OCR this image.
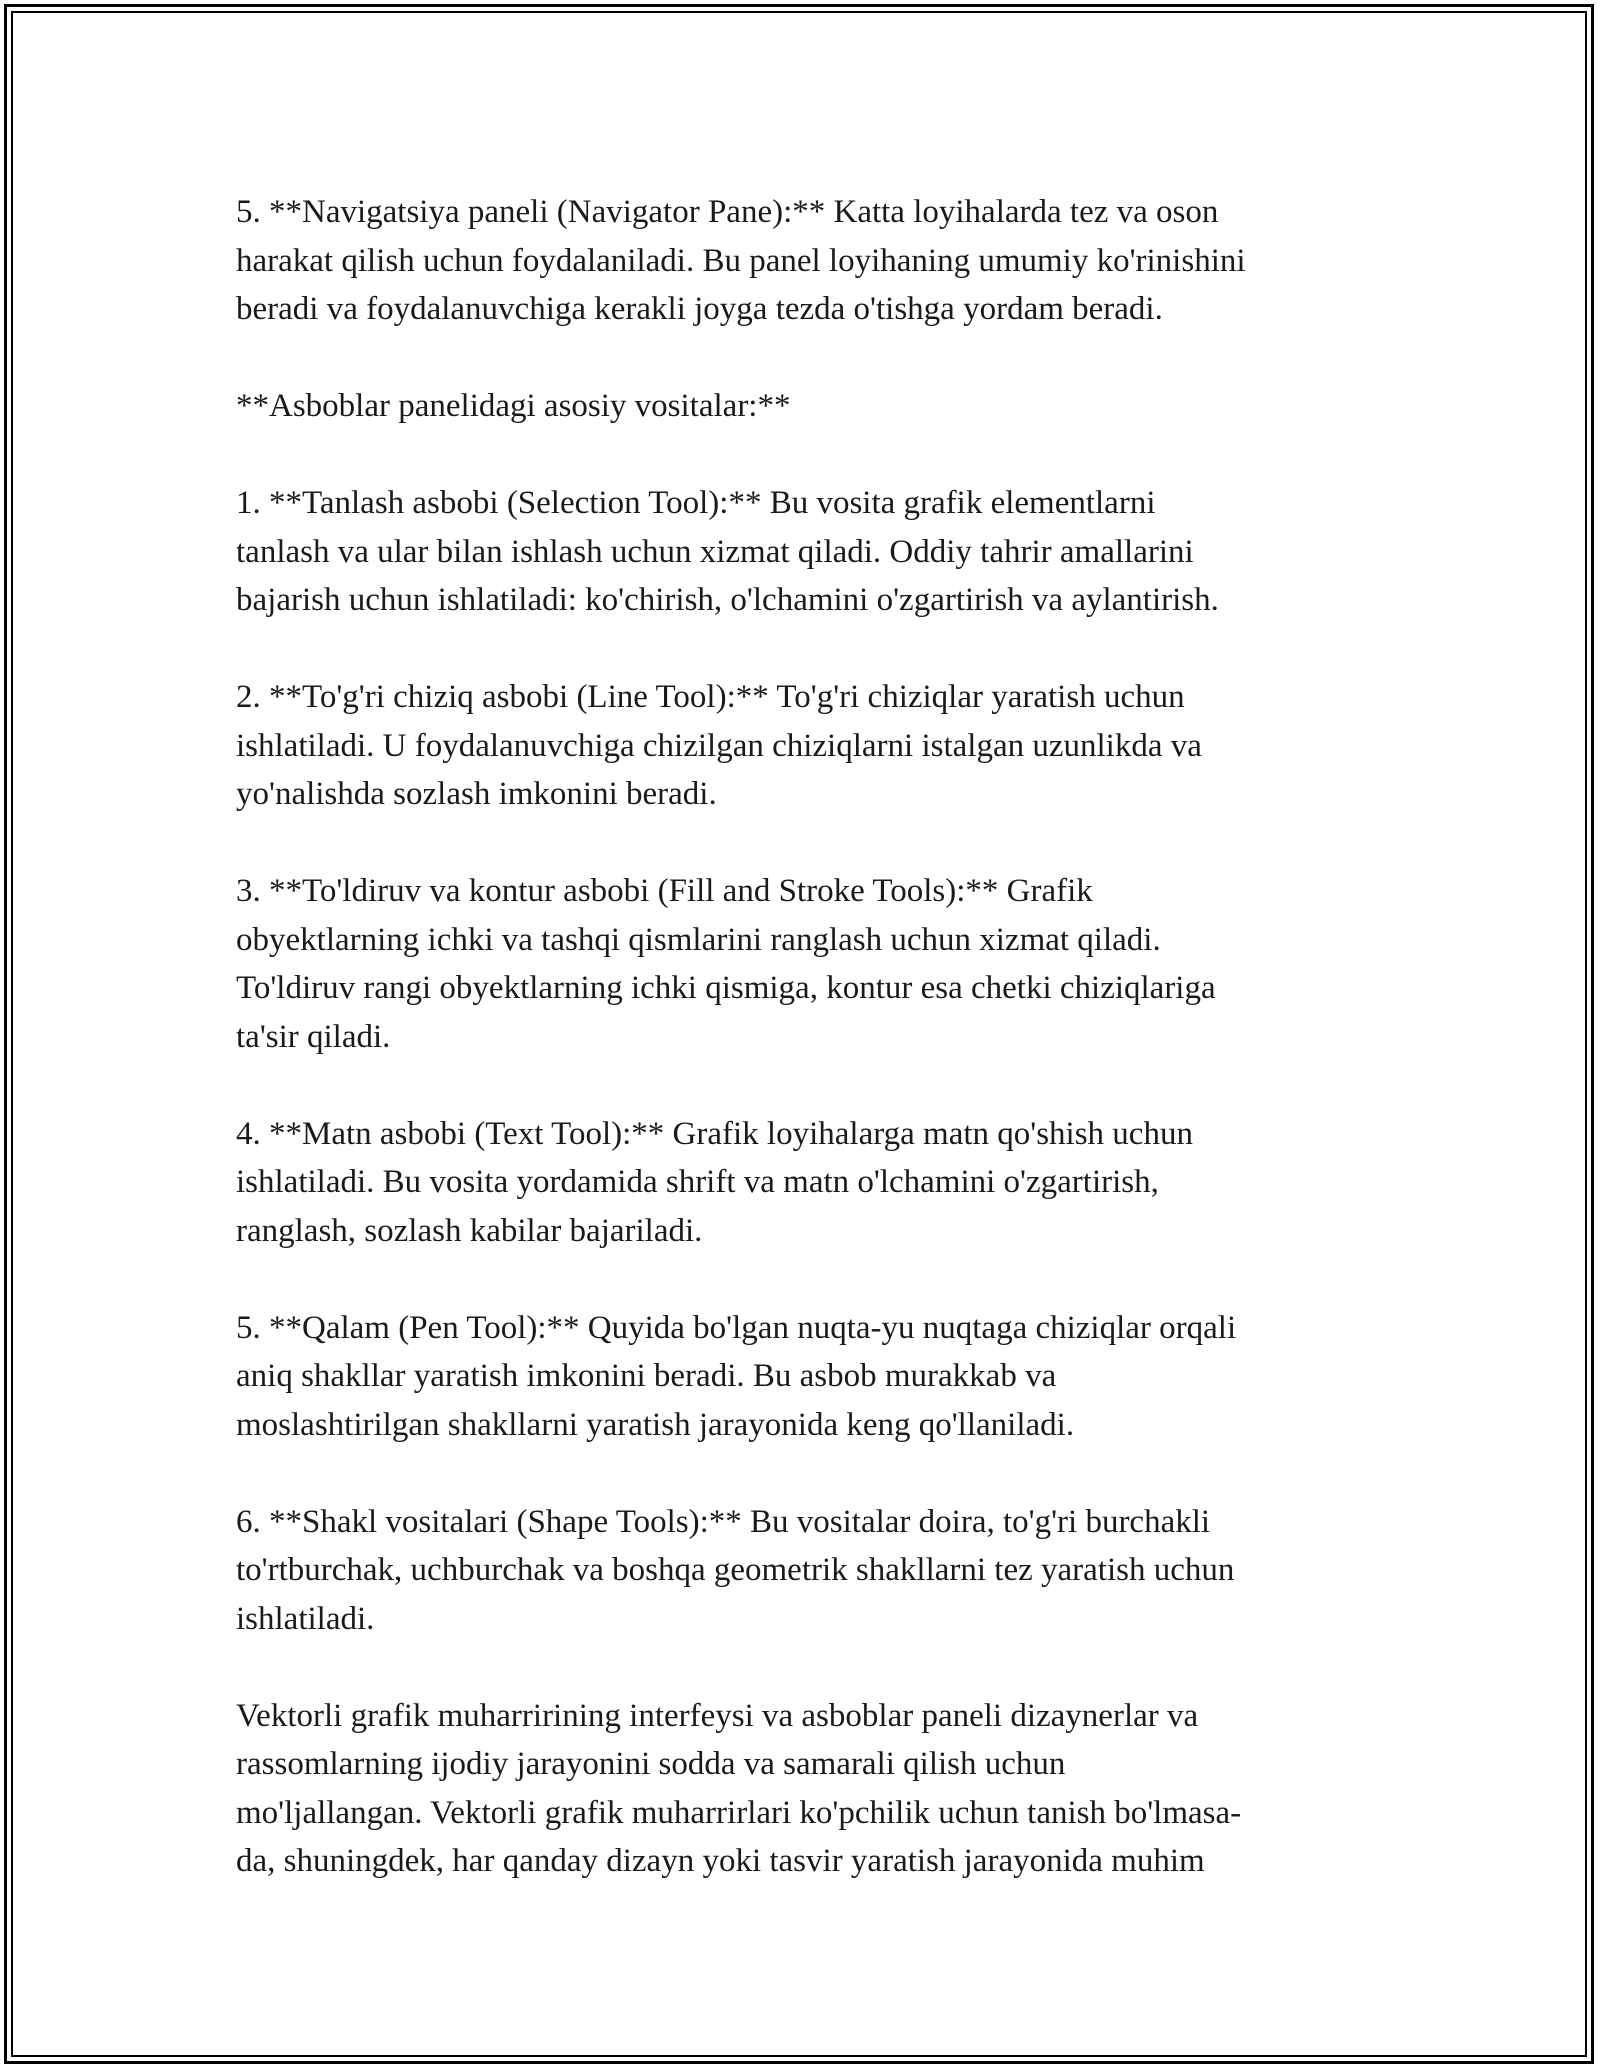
5. **Navigatsiya paneli (Navigator Pane):** Katta loyihalarda tez va oson
harakat qilish uchun foydalaniladi. Bu panel loyihaning umumiy ko'rinishini
beradi va foydalanuvchiga kerakli joyga tezda o'tishga yordam beradi.

**Asboblar panelidagi asosiy vositalar:**

1. **Tanlash asbobi (Selection Tool):** Bu vosita grafik elementlarni
tanlash va ular bilan ishlash uchun xizmat qiladi. Oddiy tahrir amallarini
bajarish uchun ishlatiladi: ko'chirish, o'lchamini o'zgartirish va aylantirish.

2. **To'g'ri chiziq asbobi (Line Tool):** To'g'ri chiziqlar yaratish uchun
ishlatiladi. U foydalanuvchiga chizilgan chiziqlarni istalgan uzunlikda va
yo'nalishda sozlash imkonini beradi.

3. **To'ldiruv va kontur asbobi (Fill and Stroke Tools):** Grafik
obyektlarning ichki va tashqi qismlarini ranglash uchun xizmat qiladi.
To'ldiruv rangi obyektlarning ichki qismiga, kontur esa chetki chiziqlariga
ta'sir qiladi.

4. **Matn asbobi (Text Tool):** Grafik loyihalarga matn qo'shish uchun
ishlatiladi. Bu vosita yordamida shrift va matn o'lchamini o'zgartirish,
ranglash, sozlash kabilar bajariladi.

5. **Qalam (Pen Tool):** Quyida bo'lgan nuqta-yu nuqtaga chiziqlar orqali
aniq shakllar yaratish imkonini beradi. Bu asbob murakkab va
moslashtirilgan shakllarni yaratish jarayonida keng qo'llaniladi.

6. **Shakl vositalari (Shape Tools):** Bu vositalar doira, to'g'ri burchakli
to'rtburchak, uchburchak va boshqa geometrik shakllarni tez yaratish uchun
ishlatiladi.

Vektorli grafik muharririning interfeysi va asboblar paneli dizaynerlar va
rassomlarning ijodiy jarayonini sodda va samarali qilish uchun
mo'ljallangan. Vektorli grafik muharrirlari ko'pchilik uchun tanish bo'lmasa-
da, shuningdek, har qanday dizayn yoki tasvir yaratish jarayonida muhim
